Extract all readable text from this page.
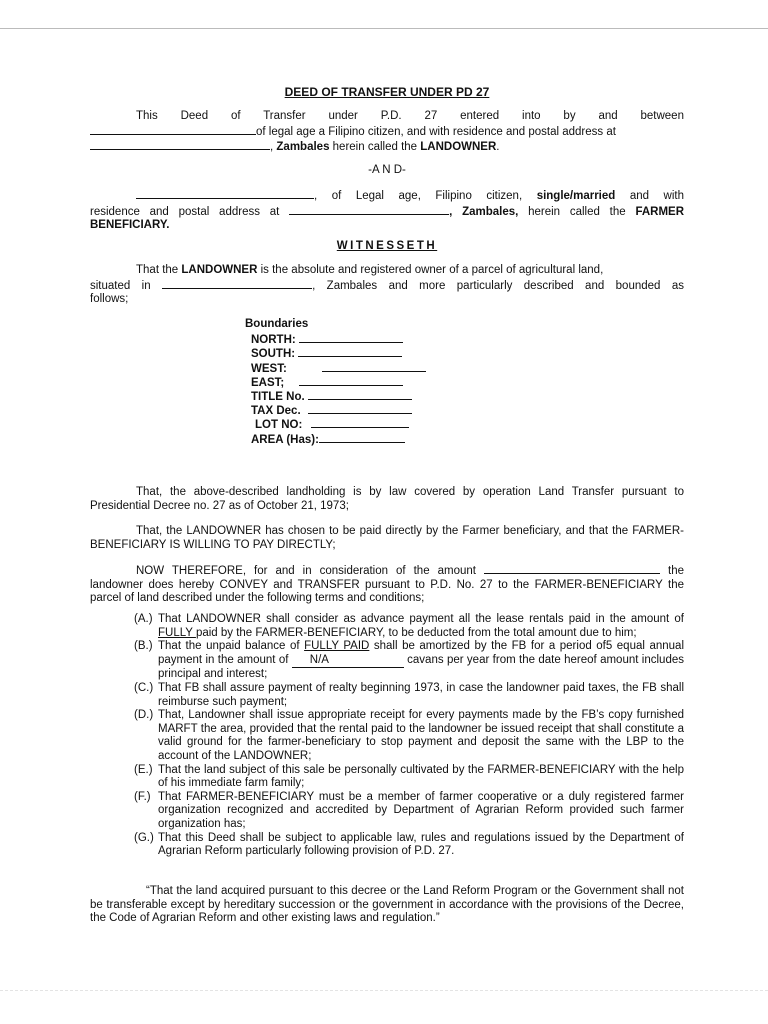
DEED OF TRANSFER UNDER PD 27
This Deed of Transfer under P.D. 27 entered into by and between
of legal age a Filipino citizen, and with residence and postal address at
, Zambales herein called the LANDOWNER.
-A N D-
, of Legal age, Filipino citizen, single/married and with
residence and postal address at	, Zambales, herein called the FARMER
BENEFICIARY.
WITNESSETH
That the LANDOWNER is the absolute and registered owner of a parcel of agricultural land,
situated in	, Zambales and more particularly described and bounded as
follows;
Boundaries
NORTH:
SOUTH:
WEST:
EAST;
TITLE No.
TAX Dec.
LOT NO:
AREA (Has):
That, the above-described landholding is by law covered by operation Land Transfer pursuant to Presidential Decree no. 27 as of October 21, 1973;
That, the LANDOWNER has chosen to be paid directly by the Farmer beneficiary, and that the FARMER-BENEFICIARY IS WILLING TO PAY DIRECTLY;
NOW THEREFORE, for and in consideration of the amount	the
landowner does hereby CONVEY and TRANSFER pursuant to P.D. No. 27 to the FARMER-BENEFICIARY the parcel of land described under the following terms and conditions;
(A.) That LANDOWNER shall consider as advance payment all the lease rentals paid in the amount of FULLY paid by the FARMER-BENEFICIARY, to be deducted from the total amount due to him;
(B.) That the unpaid balance of FULLY PAID shall be amortized by the FB for a period of5 equal annual payment in the amount of N/A	cavans per year from the date hereof amount includes principal and interest;
(C.) That FB shall assure payment of realty beginning 1973, in case the landowner paid taxes, the FB shall reimburse such payment;
(D.) That, Landowner shall issue appropriate receipt for every payments made by the FB’s copy furnished MARFT the area, provided that the rental paid to the landowner be issued receipt that shall constitute a valid ground for the farmer-beneficiary to stop payment and deposit the same with the LBP to the account of the LANDOWNER;
(E.) That the land subject of this sale be personally cultivated by the FARMER-BENEFICIARY with the help of his immediate farm family;
(F.) That FARMER-BENEFICIARY must be a member of farmer cooperative or a duly registered farmer organization recognized and accredited by Department of Agrarian Reform provided such farmer organization has;
(G.) That this Deed shall be subject to applicable law, rules and regulations issued by the Department of Agrarian Reform particularly following provision of P.D. 27.
“That the land acquired pursuant to this decree or the Land Reform Program or the Government shall not be transferable except by hereditary succession or the government in accordance with the provisions of the Decree, the Code of Agrarian Reform and other existing laws and regulation.”
